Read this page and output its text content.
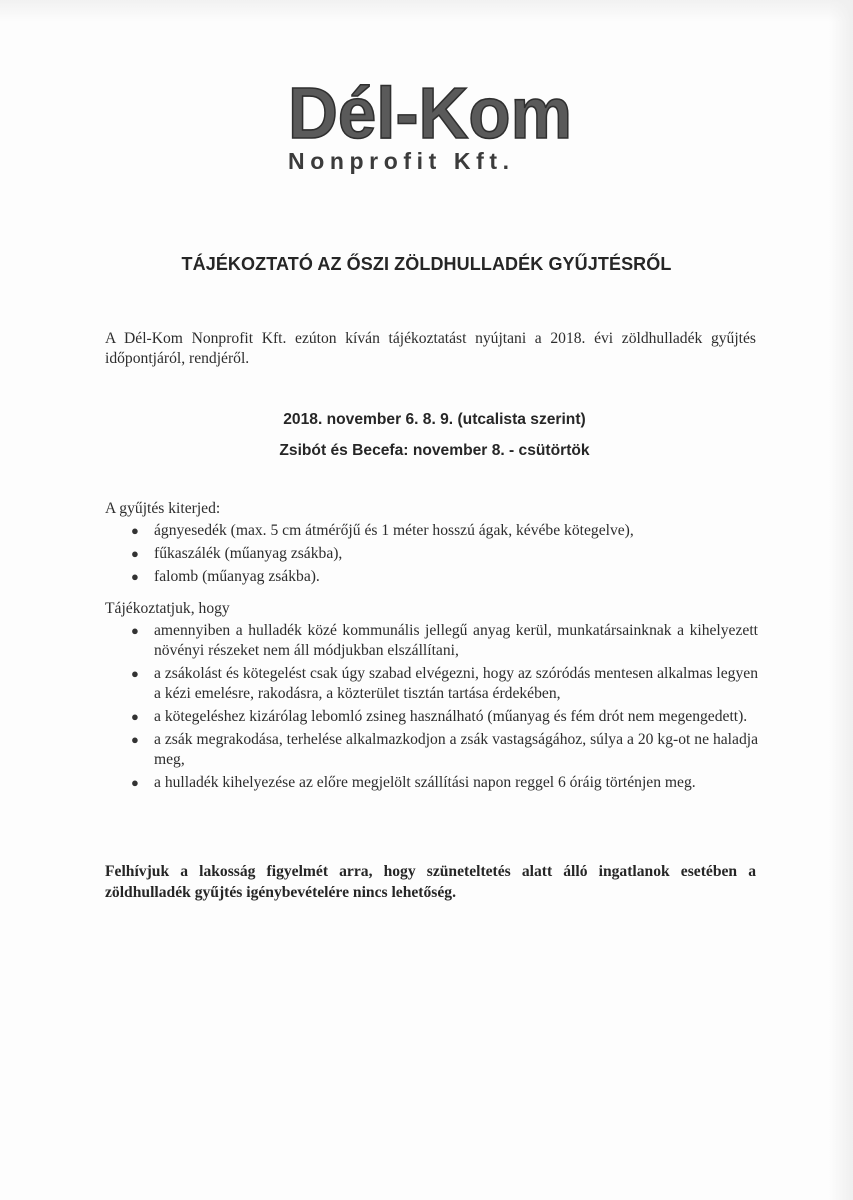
Dél-Kom
Nonprofit Kft.
TÁJÉKOZTATÓ AZ ŐSZI ZÖLDHULLADÉK GYŰJTÉSRŐL
A Dél-Kom Nonprofit Kft. ezúton kíván tájékoztatást nyújtani a 2018. évi zöldhulladék gyűjtés időpontjáról, rendjéről.
2018. november 6. 8. 9. (utcalista szerint)
Zsibót és Becefa: november 8. - csütörtök
A gyűjtés kiterjed:
● ágnyesedék (max. 5 cm átmérőjű és 1 méter hosszú ágak, kévébe kötegelve),
● fűkaszálék (műanyag zsákba),
● falomb (műanyag zsákba).
Tájékoztatjuk, hogy
● amennyiben a hulladék közé kommunális jellegű anyag kerül, munkatársainknak a kihelyezett növényi részeket nem áll módjukban elszállítani,
● a zsákolást és kötegelést csak úgy szabad elvégezni, hogy az szóródás mentesen alkalmas legyen a kézi emelésre, rakodásra, a közterület tisztán tartása érdekében,
● a kötegeléshez kizárólag lebomló zsineg használható (műanyag és fém drót nem megengedett).
● a zsák megrakodása, terhelése alkalmazkodjon a zsák vastagságához, súlya a 20 kg-ot ne haladja meg,
● a hulladék kihelyezése az előre megjelölt szállítási napon reggel 6 óráig történjen meg.
Felhívjuk a lakosság figyelmét arra, hogy szüneteltetés alatt álló ingatlanok esetében a zöldhulladék gyűjtés igénybevételére nincs lehetőség.
